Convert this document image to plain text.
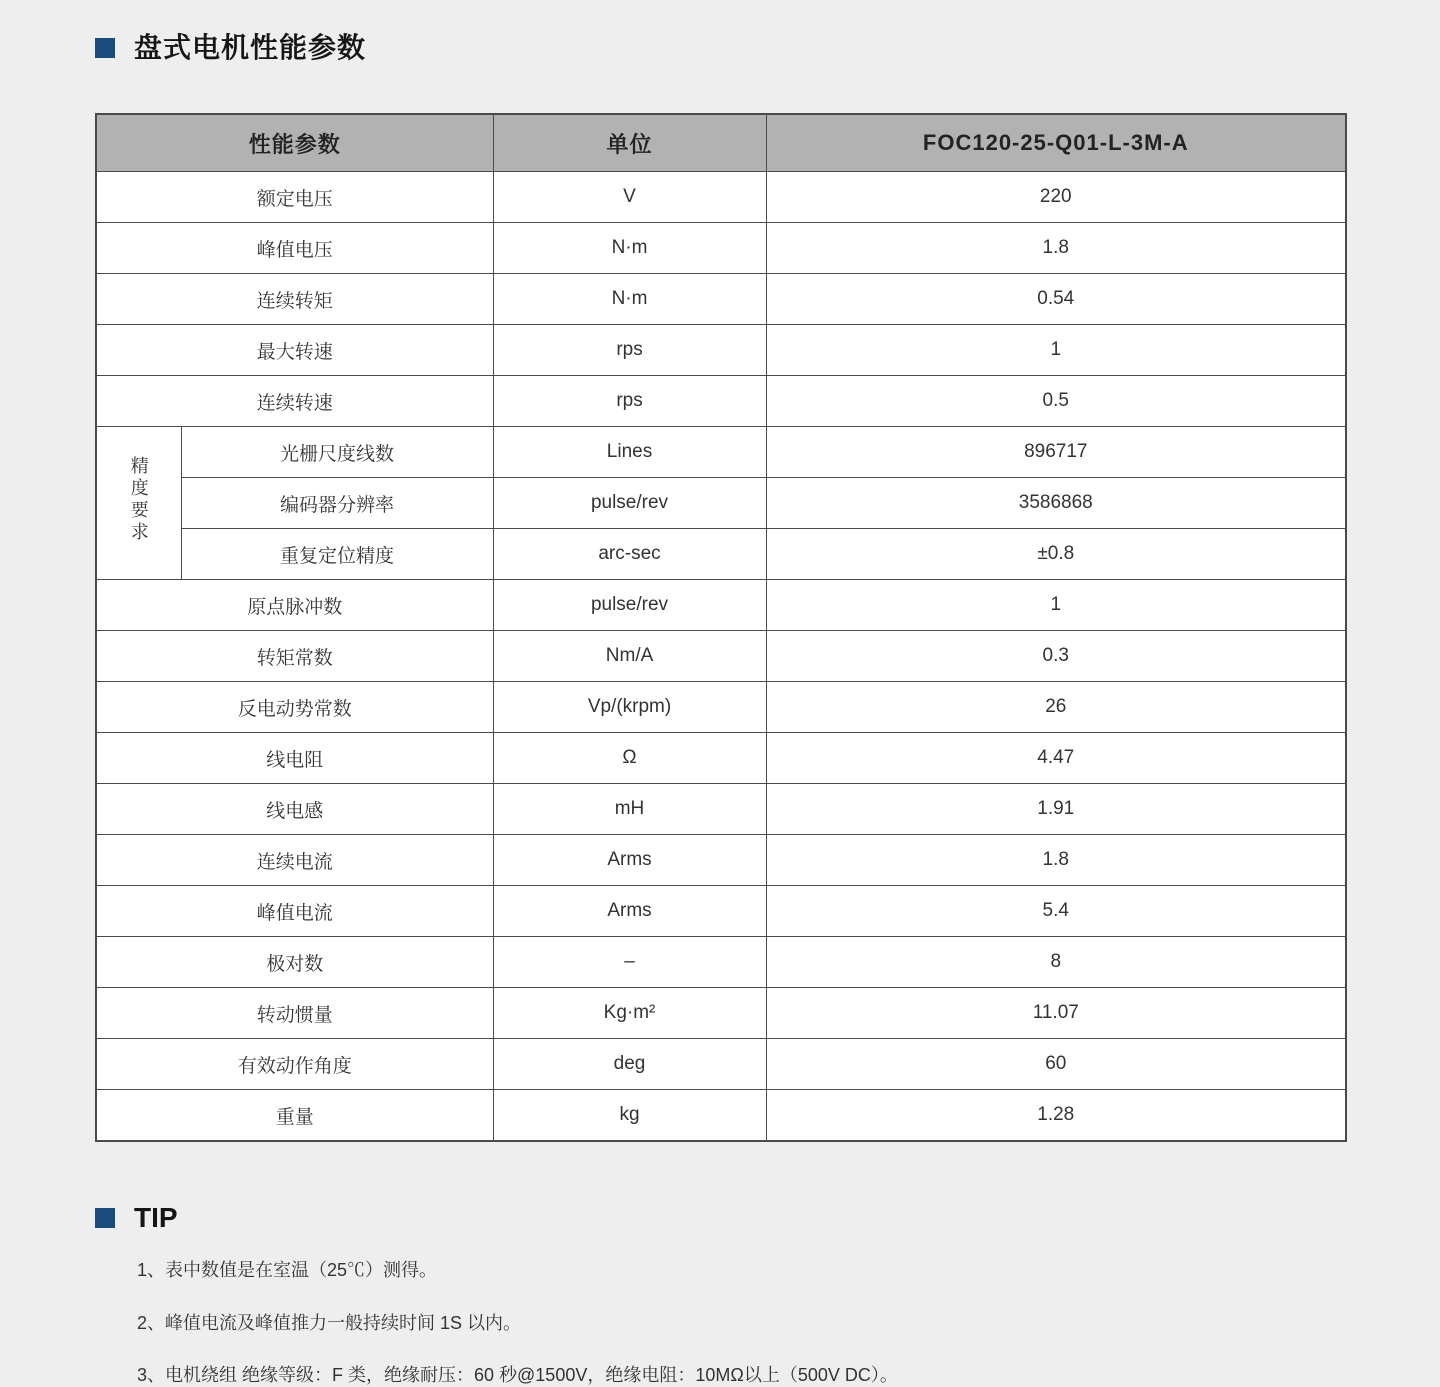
盘式电机性能参数
性能参数		单位	FOC120-25-Q01-L-3M-A
额定电压		V	220
峰值电压		N·m	1.8
连续转矩		N·m	0.54
最大转速		rps	1
连续转速		rps	0.5
精度要求	光栅尺度线数	Lines	896717
	编码器分辨率	pulse/rev	3586868
	重复定位精度	arc-sec	±0.8
原点脉冲数		pulse/rev	1
转矩常数		Nm/A	0.3
反电动势常数		Vp/(krpm)	26
线电阻		Ω	4.47
线电感		mH	1.91
连续电流		Arms	1.8
峰值电流		Arms	5.4
极对数		–	8
转动惯量		Kg·m²	11.07
有效动作角度		deg	60
重量		kg	1.28
TIP

1、表中数值是在室温（25℃）测得。

2、峰值电流及峰值推力一般持续时间 1S 以内。

3、电机绕组 绝缘等级：F 类，绝缘耐压：60 秒@1500V，绝缘电阻：10MΩ以上（500V DC）。
